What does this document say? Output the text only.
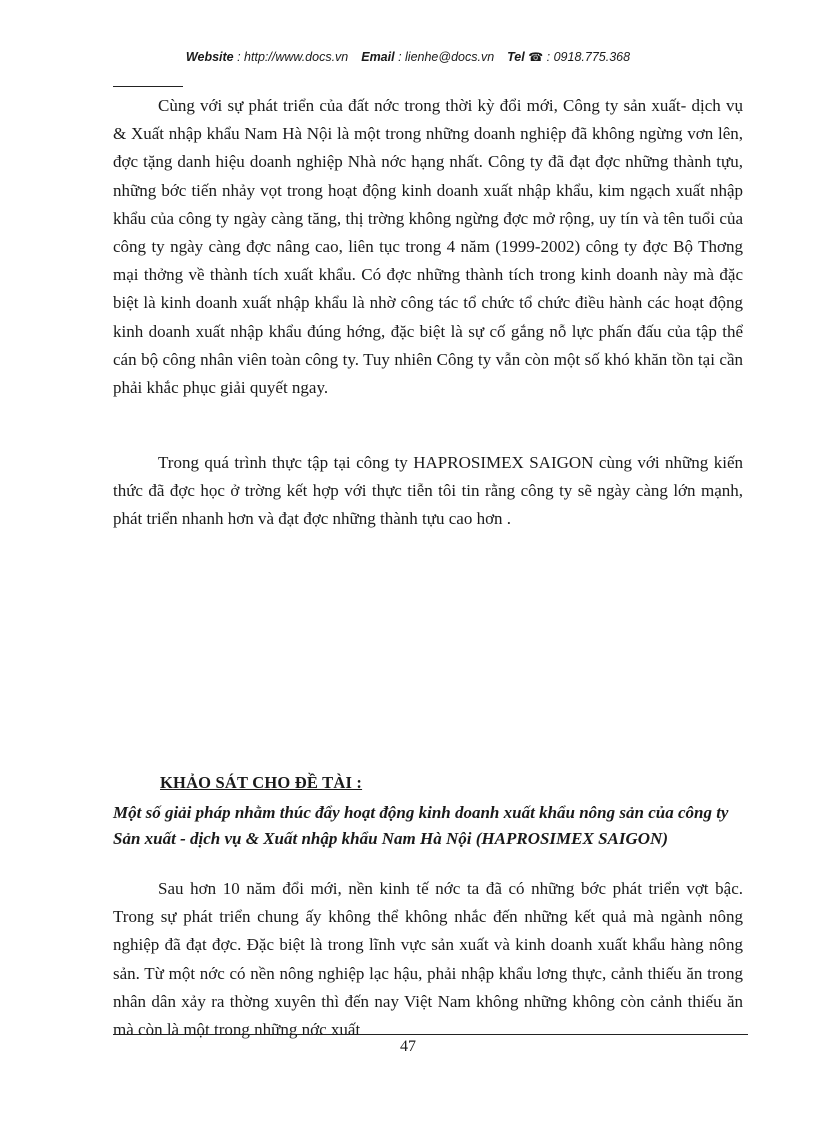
Website : http://www.docs.vn Email : lienhe@docs.vn Tel ☎ : 0918.775.368

Cùng với sự phát triển của đất nớc trong thời kỳ đổi mới, Công ty sản xuất- dịch vụ & Xuất nhập khẩu Nam Hà Nội là một trong những doanh nghiệp đã không ngừng vơn lên, đợc tặng danh hiệu doanh nghiệp Nhà nớc hạng nhất. Công ty đã đạt đợc những thành tựu, những bớc tiến nhảy vọt trong hoạt động kinh doanh xuất nhập khẩu, kim ngạch xuất nhập khẩu của công ty ngày càng tăng, thị trờng không ngừng đợc mở rộng, uy tín và tên tuổi của công ty ngày càng đợc nâng cao, liên tục trong 4 năm (1999-2002) công ty đợc Bộ Thơng mại thởng về thành tích xuất khẩu. Có đợc những thành tích trong kinh doanh này mà đặc biệt là kinh doanh xuất nhập khẩu là nhờ công tác tổ chức tổ chức điều hành các hoạt động kinh doanh xuất nhập khẩu đúng hớng, đặc biệt là sự cố gắng nỗ lực phấn đấu của tập thể cán bộ công nhân viên toàn công ty. Tuy nhiên Công ty vẫn còn một số khó khăn tồn tại cần phải khắc phục giải quyết ngay.

Trong quá trình thực tập tại công ty HAPROSIMEX SAIGON cùng với những kiến thức đã đợc học ở trờng kết hợp với thực tiễn tôi tin rằng công ty sẽ ngày càng lớn mạnh, phát triển nhanh hơn và đạt đợc những thành tựu cao hơn .

KHẢO SÁT CHO ĐỀ TÀI :

Một số giải pháp nhằm thúc đẩy hoạt động kinh doanh xuất khẩu nông sản của công ty Sản xuất - dịch vụ & Xuất nhập khẩu Nam Hà Nội (HAPROSIMEX SAIGON)

Sau hơn 10 năm đổi mới, nền kinh tế nớc ta đã có những bớc phát triển vợt bậc. Trong sự phát triển chung ấy không thể không nhắc đến những kết quả mà ngành nông nghiệp đã đạt đợc. Đặc biệt là trong lĩnh vực sản xuất và kinh doanh xuất khẩu hàng nông sản. Từ một nớc có nền nông nghiệp lạc hậu, phải nhập khẩu lơng thực, cảnh thiếu ăn trong nhân dân xảy ra thờng xuyên thì đến nay Việt Nam không những không còn cảnh thiếu ăn mà còn là một trong những nớc xuất

47
